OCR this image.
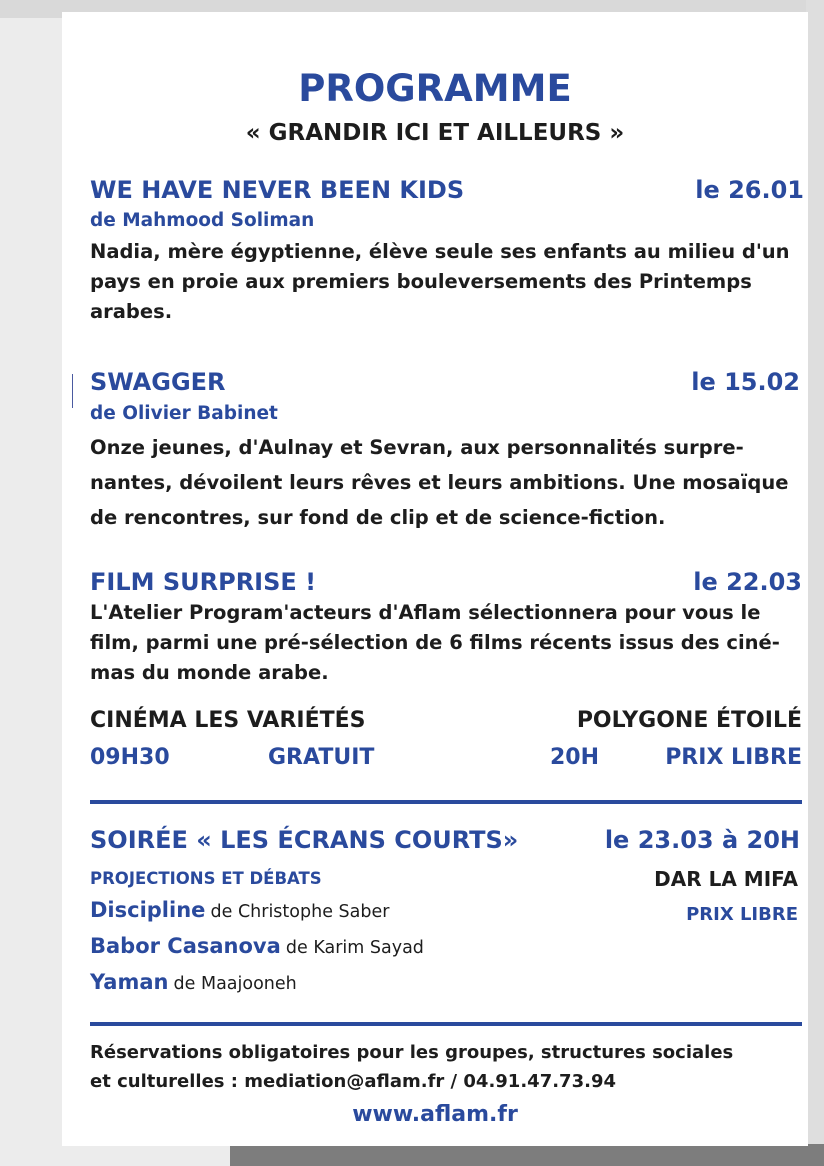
PROGRAMME
« GRANDIR ICI ET AILLEURS »
WE HAVE NEVER BEEN KIDS	le 26.01
de Mahmood Soliman
Nadia, mère égyptienne, élève seule ses enfants au milieu d'un
pays en proie aux premiers bouleversements des Printemps
arabes.
SWAGGER	le 15.02
de Olivier Babinet
Onze jeunes, d'Aulnay et Sevran, aux personnalités surpre-
nantes, dévoilent leurs rêves et leurs ambitions. Une mosaïque
de rencontres, sur fond de clip et de science-fiction.
FILM SURPRISE !	le 22.03
L'Atelier Program'acteurs d'Aflam sélectionnera pour vous le
film, parmi une pré-sélection de 6 films récents issus des ciné-
mas du monde arabe.
CINÉMA LES VARIÉTÉS
09H30	GRATUIT
POLYGONE ÉTOILÉ
20H	PRIX LIBRE
SOIRÉE « LES ÉCRANS COURTS»	le 23.03 à 20H
PROJECTIONS ET DÉBATS	DAR LA MIFA
PRIX LIBRE
Discipline de Christophe Saber
Babor Casanova de Karim Sayad
Yaman de Maajooneh
Réservations obligatoires pour les groupes, structures sociales
et culturelles : mediation@aflam.fr / 04.91.47.73.94
www.aflam.fr
